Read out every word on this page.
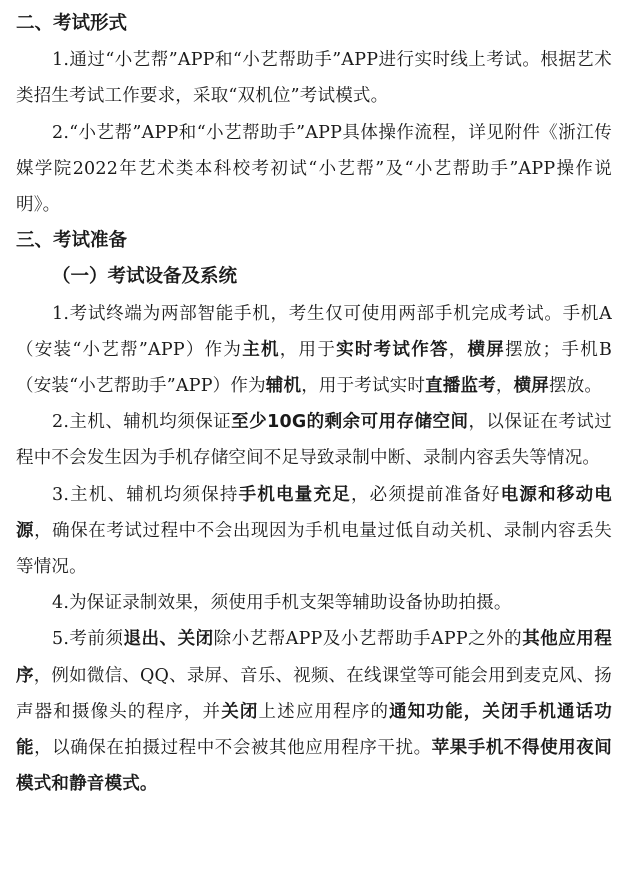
二、考试形式
1.通过“小艺帮”APP和“小艺帮助手”APP进行实时线上考试。根据艺术类招生考试工作要求，采取“双机位”考试模式。
2.“小艺帮”APP和“小艺帮助手”APP具体操作流程，详见附件《浙江传媒学院2022年艺术类本科校考初试“小艺帮”及“小艺帮助手”APP操作说明》。
三、考试准备
（一）考试设备及系统
1.考试终端为两部智能手机，考生仅可使用两部手机完成考试。手机A（安装“小艺帮”APP）作为主机，用于实时考试作答，横屏摆放；手机B（安装“小艺帮助手”APP）作为辅机，用于考试实时直播监考，横屏摆放。
2.主机、辅机均须保证至少10G的剩余可用存储空间，以保证在考试过程中不会发生因为手机存储空间不足导致录制中断、录制内容丢失等情况。
3.主机、辅机均须保持手机电量充足，必须提前准备好电源和移动电源，确保在考试过程中不会出现因为手机电量过低自动关机、录制内容丢失等情况。
4.为保证录制效果，须使用手机支架等辅助设备协助拍摄。
5.考前须退出、关闭除小艺帮APP及小艺帮助手APP之外的其他应用程序，例如微信、QQ、录屏、音乐、视频、在线课堂等可能会用到麦克风、扬声器和摄像头的程序，并关闭上述应用程序的通知功能，关闭手机通话功能，以确保在拍摄过程中不会被其他应用程序干扰。苹果手机不得使用夜间模式和静音模式。
